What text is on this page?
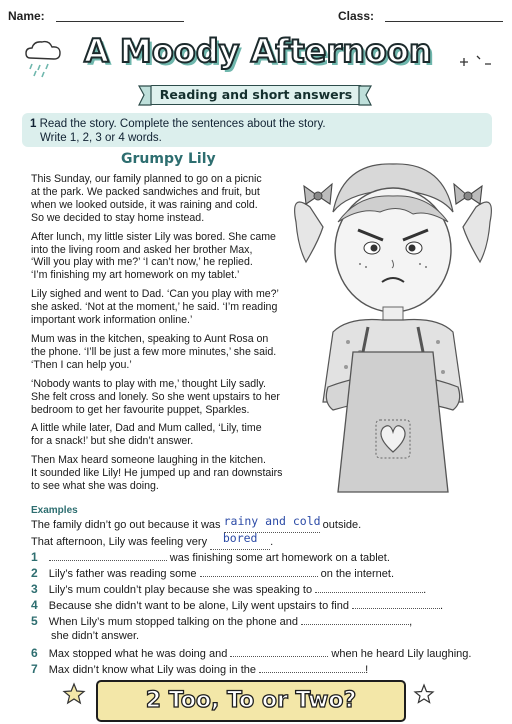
Name:	Class:
A Moody Afternoon
Reading and short answers
1 Read the story. Complete the sentences about the story.
Write 1, 2, 3 or 4 words.
Grumpy Lily
This Sunday, our family planned to go on a picnic
at the park. We packed sandwiches and fruit, but
when we looked outside, it was raining and cold.
So we decided to stay home instead.
After lunch, my little sister Lily was bored. She came
into the living room and asked her brother Max,
‘Will you play with me?’ ‘I can’t now,’ he replied.
‘I’m finishing my art homework on my tablet.’
Lily sighed and went to Dad. ‘Can you play with me?’
she asked. ‘Not at the moment,’ he said. ‘I’m reading
important work information online.’
Mum was in the kitchen, speaking to Aunt Rosa on
the phone. ‘I’ll be just a few more minutes,’ she said.
‘Then I can help you.’
‘Nobody wants to play with me,’ thought Lily sadly.
She felt cross and lonely. So she went upstairs to her
bedroom to get her favourite puppet, Sparkles.
A little while later, Dad and Mum called, ‘Lily, time
for a snack!’ but she didn’t answer.
Then Max heard someone laughing in the kitchen.
It sounded like Lily! He jumped up and ran downstairs
to see what she was doing.
Examples
The family didn’t go out because it was rainy and cold outside.
That afternoon, Lily was feeling very bored .
1	was finishing some art homework on a tablet.
2 Lily’s father was reading some	on the internet.
3 Lily’s mum couldn’t play because she was speaking to	.
4 Because she didn’t want to be alone, Lily went upstairs to find	.
5 When Lily’s mum stopped talking on the phone and	,
she didn’t answer.
6 Max stopped what he was doing and	when he heard Lily laughing.
7 Max didn’t know what Lily was doing in the	!
2 Too, To or Two?
